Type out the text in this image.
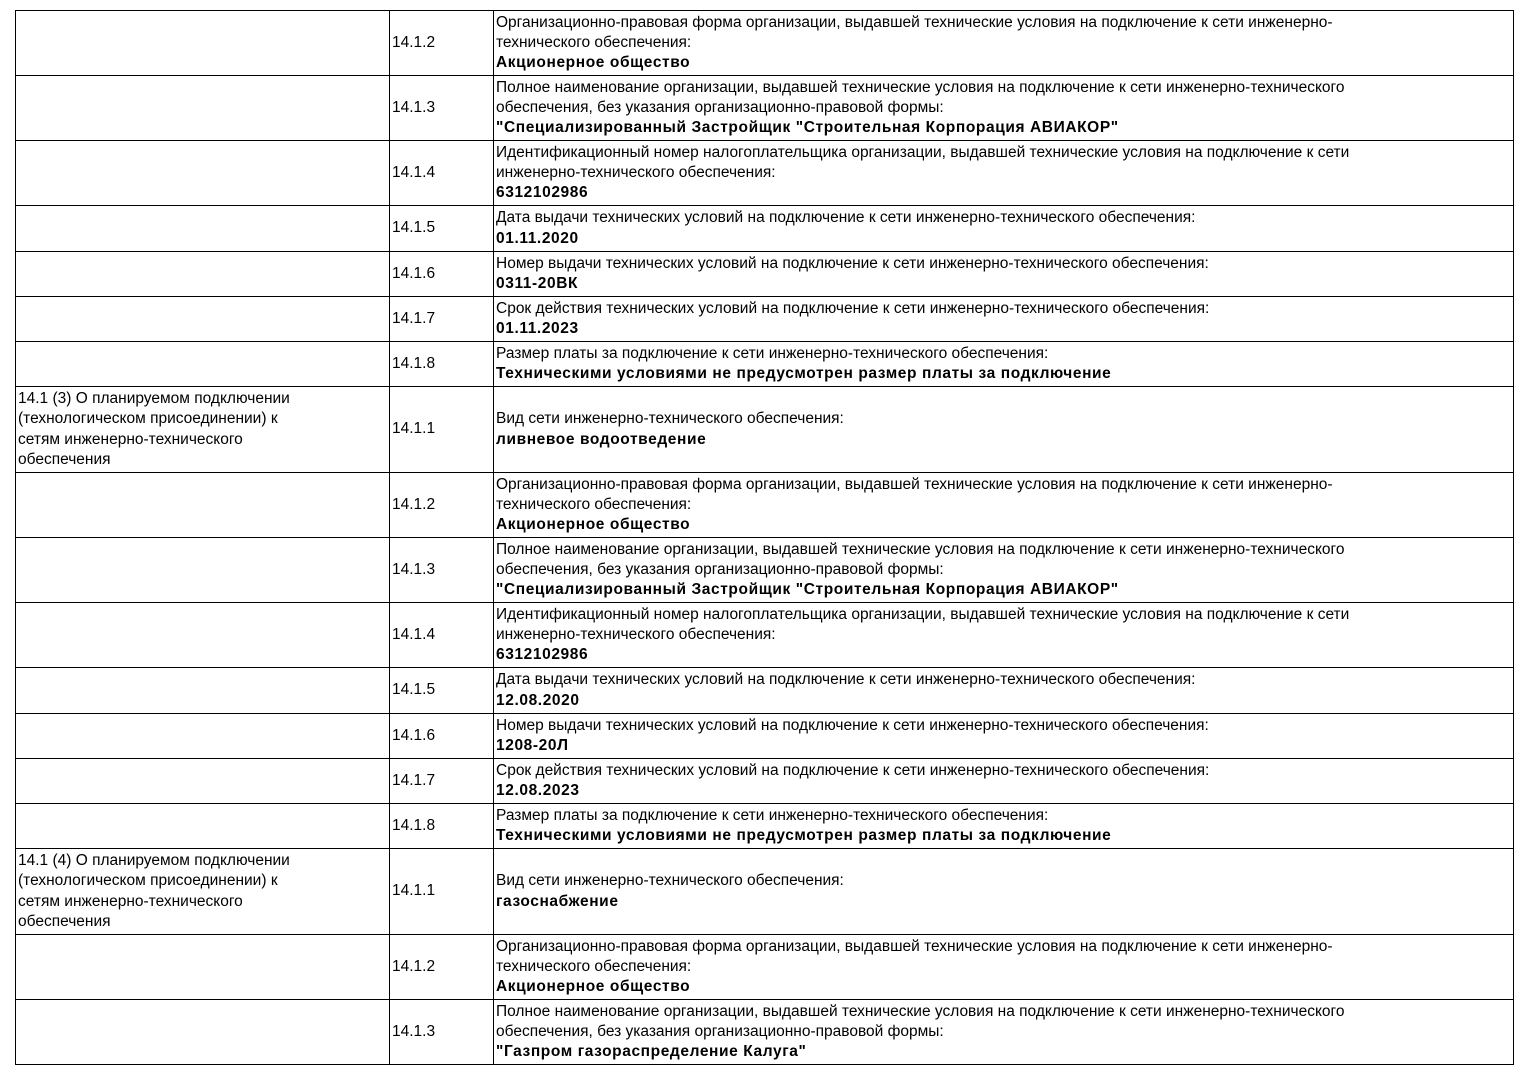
	14.1.2	Организационно-правовая форма организации, выдавшей технические условия на подключение к сети инженерно-
технического обеспечения:
Акционерное общество

	14.1.3	Полное наименование организации, выдавшей технические условия на подключение к сети инженерно-технического
обеспечения, без указания организационно-правовой формы:
"Специализированный Застройщик "Строительная Корпорация АВИАКОР"

	14.1.4	Идентификационный номер налогоплательщика организации, выдавшей технические условия на подключение к сети
инженерно-технического обеспечения:
6312102986

	14.1.5	Дата выдачи технических условий на подключение к сети инженерно-технического обеспечения:
01.11.2020

	14.1.6	Номер выдачи технических условий на подключение к сети инженерно-технического обеспечения:
0311-20ВК

	14.1.7	Срок действия технических условий на подключение к сети инженерно-технического обеспечения:
01.11.2023

	14.1.8	Размер платы за подключение к сети инженерно-технического обеспечения:
Техническими условиями не предусмотрен размер платы за подключение

14.1 (3) О планируемом подключении
(технологическом присоединении) к
сетям инженерно-технического
обеспечения	14.1.1	Вид сети инженерно-технического обеспечения:
ливневое водоотведение

	14.1.2	Организационно-правовая форма организации, выдавшей технические условия на подключение к сети инженерно-
технического обеспечения:
Акционерное общество

	14.1.3	Полное наименование организации, выдавшей технические условия на подключение к сети инженерно-технического
обеспечения, без указания организационно-правовой формы:
"Специализированный Застройщик "Строительная Корпорация АВИАКОР"

	14.1.4	Идентификационный номер налогоплательщика организации, выдавшей технические условия на подключение к сети
инженерно-технического обеспечения:
6312102986

	14.1.5	Дата выдачи технических условий на подключение к сети инженерно-технического обеспечения:
12.08.2020

	14.1.6	Номер выдачи технических условий на подключение к сети инженерно-технического обеспечения:
1208-20Л

	14.1.7	Срок действия технических условий на подключение к сети инженерно-технического обеспечения:
12.08.2023

	14.1.8	Размер платы за подключение к сети инженерно-технического обеспечения:
Техническими условиями не предусмотрен размер платы за подключение

14.1 (4) О планируемом подключении
(технологическом присоединении) к
сетям инженерно-технического
обеспечения	14.1.1	Вид сети инженерно-технического обеспечения:
газоснабжение

	14.1.2	Организационно-правовая форма организации, выдавшей технические условия на подключение к сети инженерно-
технического обеспечения:
Акционерное общество

	14.1.3	Полное наименование организации, выдавшей технические условия на подключение к сети инженерно-технического
обеспечения, без указания организационно-правовой формы:
"Газпром газораспределение Калуга"
